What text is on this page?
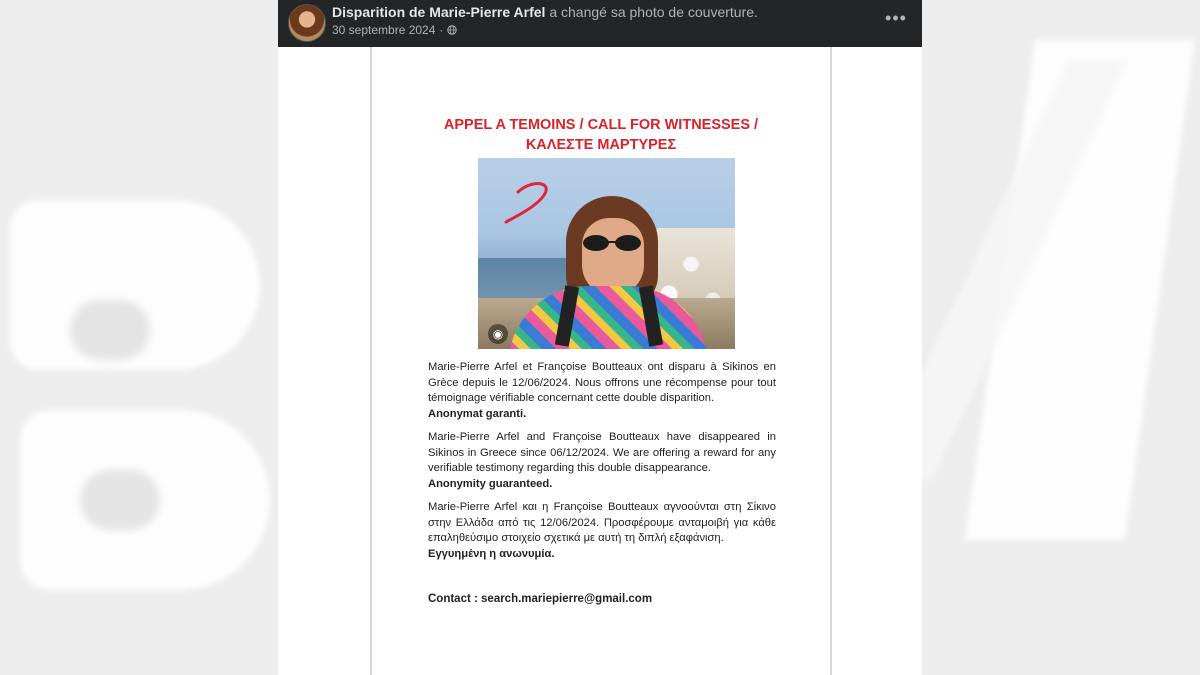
Disparition de Marie-Pierre Arfel a changé sa photo de couverture.
30 septembre 2024 ·
•••
APPEL A TEMOINS / CALL FOR WITNESSES /
ΚΑΛΕΣΤΕ ΜΑΡΤΥΡΕΣ
◉
Marie-Pierre Arfel et Françoise Boutteaux ont disparu à Sikinos en Grèce depuis le 12/06/2024. Nous offrons une récompense pour tout témoignage vérifiable concernant cette double disparition.
Anonymat garanti.
Marie-Pierre Arfel and Françoise Boutteaux have disappeared in Sikinos in Greece since 06/12/2024. We are offering a reward for any verifiable testimony regarding this double disappearance.
Anonymity guaranteed.
Marie-Pierre Arfel και η Françoise Boutteaux αγνοούνται στη Σίκινο στην Ελλάδα από τις 12/06/2024. Προσφέρουμε ανταμοιβή για κάθε επαληθεύσιμο στοιχείο σχετικά με αυτή τη διπλή εξαφάνιση.
Εγγυημένη η ανωνυμία.
Contact : search.mariepierre@gmail.com
